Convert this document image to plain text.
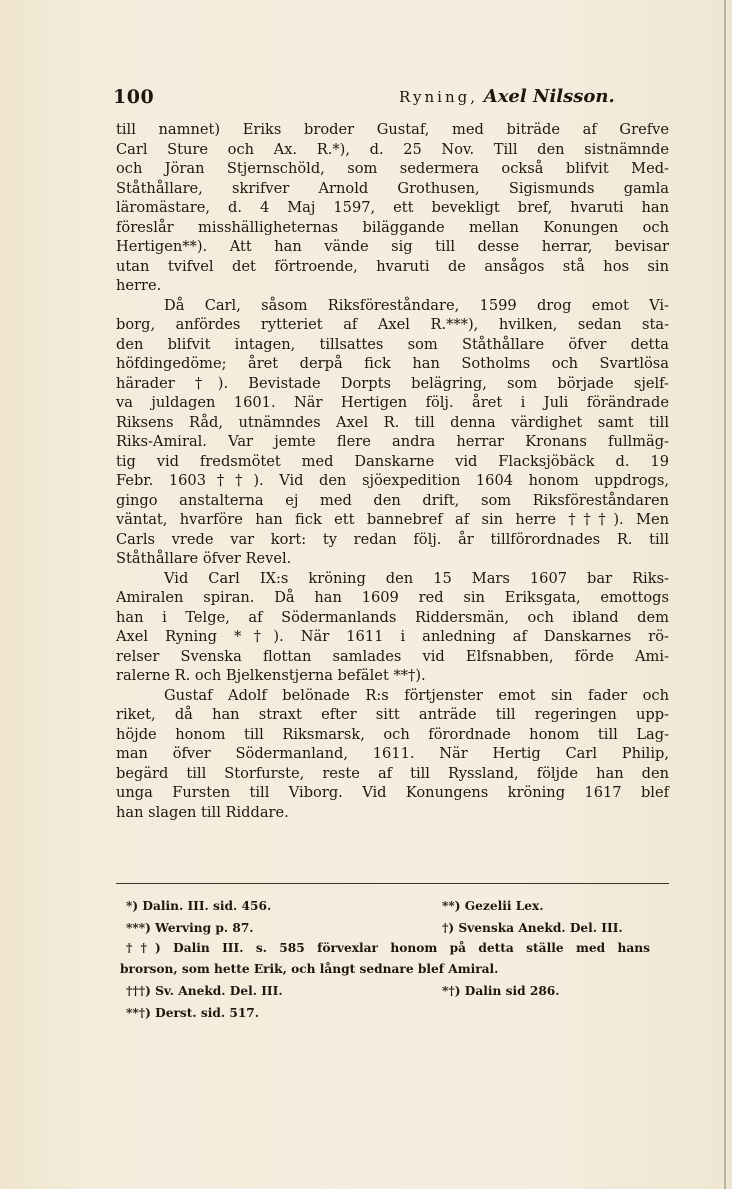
100	Ryning, Axel Nilsson.
till namnet) Eriks broder Gustaf, med biträde af Grefve
Carl Sture och Ax. R.*), d. 25 Nov. Till den sistnämnde
och Jöran Stjernschöld, som sedermera också blifvit Med-
Ståthållare, skrifver Arnold Grothusen, Sigismunds gamla
läromästare, d. 4 Maj 1597, ett bevekligt bref, hvaruti han
föreslår misshälligheternas biläggande mellan Konungen och
Hertigen**). Att han vände sig till desse herrar, bevisar
utan tvifvel det förtroende, hvaruti de ansågos stå hos sin
herre.
Då Carl, såsom Riksföreståndare, 1599 drog emot Vi-
borg, anfördes rytteriet af Axel R.***), hvilken, sedan sta-
den blifvit intagen, tillsattes som Ståthållare öfver detta
höfdingedöme; året derpå fick han Sotholms och Svartlösa
härader †). Bevistade Dorpts belägring, som började sjelf-
va juldagen 1601. När Hertigen följ. året i Juli förändrade
Riksens Råd, utnämndes Axel R. till denna värdighet samt till
Riks-Amiral. Var jemte flere andra herrar Kronans fullmäg-
tig vid fredsmötet med Danskarne vid Flacksjöbäck d. 19
Febr. 1603††). Vid den sjöexpedition 1604 honom uppdrogs,
gingo anstalterna ej med den drift, som Riksföreståndaren
väntat, hvarföre han fick ett bannebref af sin herre †††). Men
Carls vrede var kort: ty redan följ. år tillförordnades R. till
Ståthållare öfver Revel.
Vid Carl IX:s kröning den 15 Mars 1607 bar Riks-
Amiralen spiran. Då han 1609 red sin Eriksgata, emottogs
han i Telge, af Södermanlands Riddersmän, och ibland dem
Axel Ryning *†). När 1611 i anledning af Danskarnes rö-
relser Svenska flottan samlades vid Elfsnabben, förde Ami-
ralerne R. och Bjelkenstjerna befälet **†).
Gustaf Adolf belönade R:s förtjenster emot sin fader och
riket, då han straxt efter sitt anträde till regeringen upp-
höjde honom till Riksmarsk, och förordnade honom till Lag-
man öfver Södermanland, 1611. När Hertig Carl Philip,
begärd till Storfurste, reste af till Ryssland, följde han den
unga Fursten till Viborg. Vid Konungens kröning 1617 blef
han slagen till Riddare.
*) Dalin. III. sid. 456.	**) Gezelii Lex.
***) Werving p. 87.	†) Svenska Anekd. Del. III.
††) Dalin III. s. 585 förvexlar honom på detta ställe med hans
brorson, som hette Erik, och långt sednare blef Amiral.
†††) Sv. Anekd. Del. III.	*†) Dalin sid 286.
**†) Derst. sid. 517.
